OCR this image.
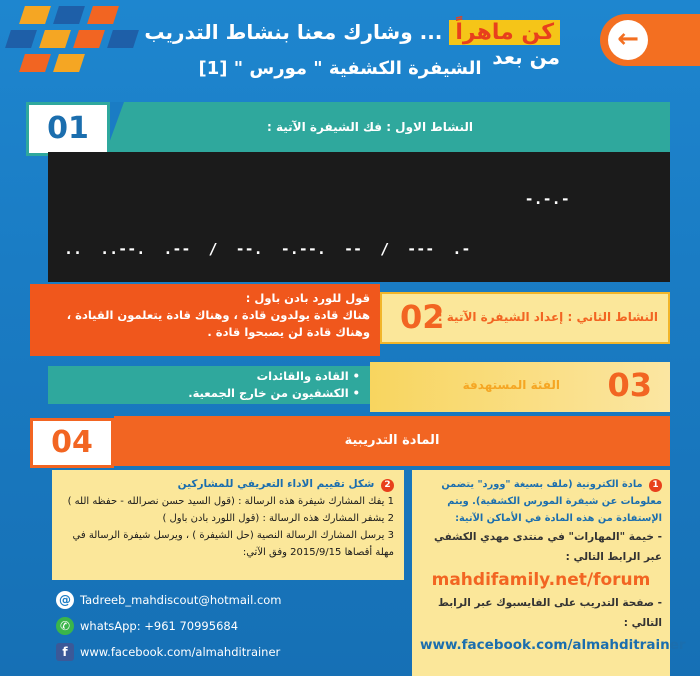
←
كن ماهراً ... وشارك معنا بنشاط التدريب من بعد
الشيفرة الكشفية " مورس " [1]
النشاط الاول : فك الشيفرة الآتية :
01

-.-.-

..  ..--.  .--  /  --.  -.--.  --  /  ---  .-

النشاط الثاني : إعداد الشيفرة الآتية :
02
قول للورد بادن باول :
هناك قادة يولدون قادة ، وهناك قادة يتعلمون القيادة ، وهناك قادة لن يصبحوا قادة .
الفئة المستهدفة 03
• القادة والقائدات
• الكشفيون من خارج الجمعية.
المادة التدريبية
04
2 شكل تقييم الاداء التعريفي للمشاركين
1 يفك المشارك شيفرة هذه الرسالة : (قول السيد حسن نصرالله - حفظه الله )
2 يشفر المشارك هذه الرسالة : (قول اللورد بادن باول )
3 يرسل المشارك الرسالة النصية (حل الشيفرة ) ، ويرسل شيفرة الرسالة في مهلة أقصاها 2015/9/15 وفق الآتي:
1 مادة الكترونية (ملف بسيغة "وورد" يتضمن معلومات عن شيفرة المورس الكشفية). ويتم الإستفادة من هذه المادة في الأماكن الآتية:
- خيمة "المهارات" في منتدى مهدي الكشفي عبر الرابط التالي :
mahdifamily.net/forum
- صفحة التدريب على الفايسبوك عبر الرابط التالي :
www.facebook.com/almahditrainer
@ Tadreeb_mahdiscout@hotmail.com
✆ whatsApp: +961 70995684
f	www.facebook.com/almahditrainer
